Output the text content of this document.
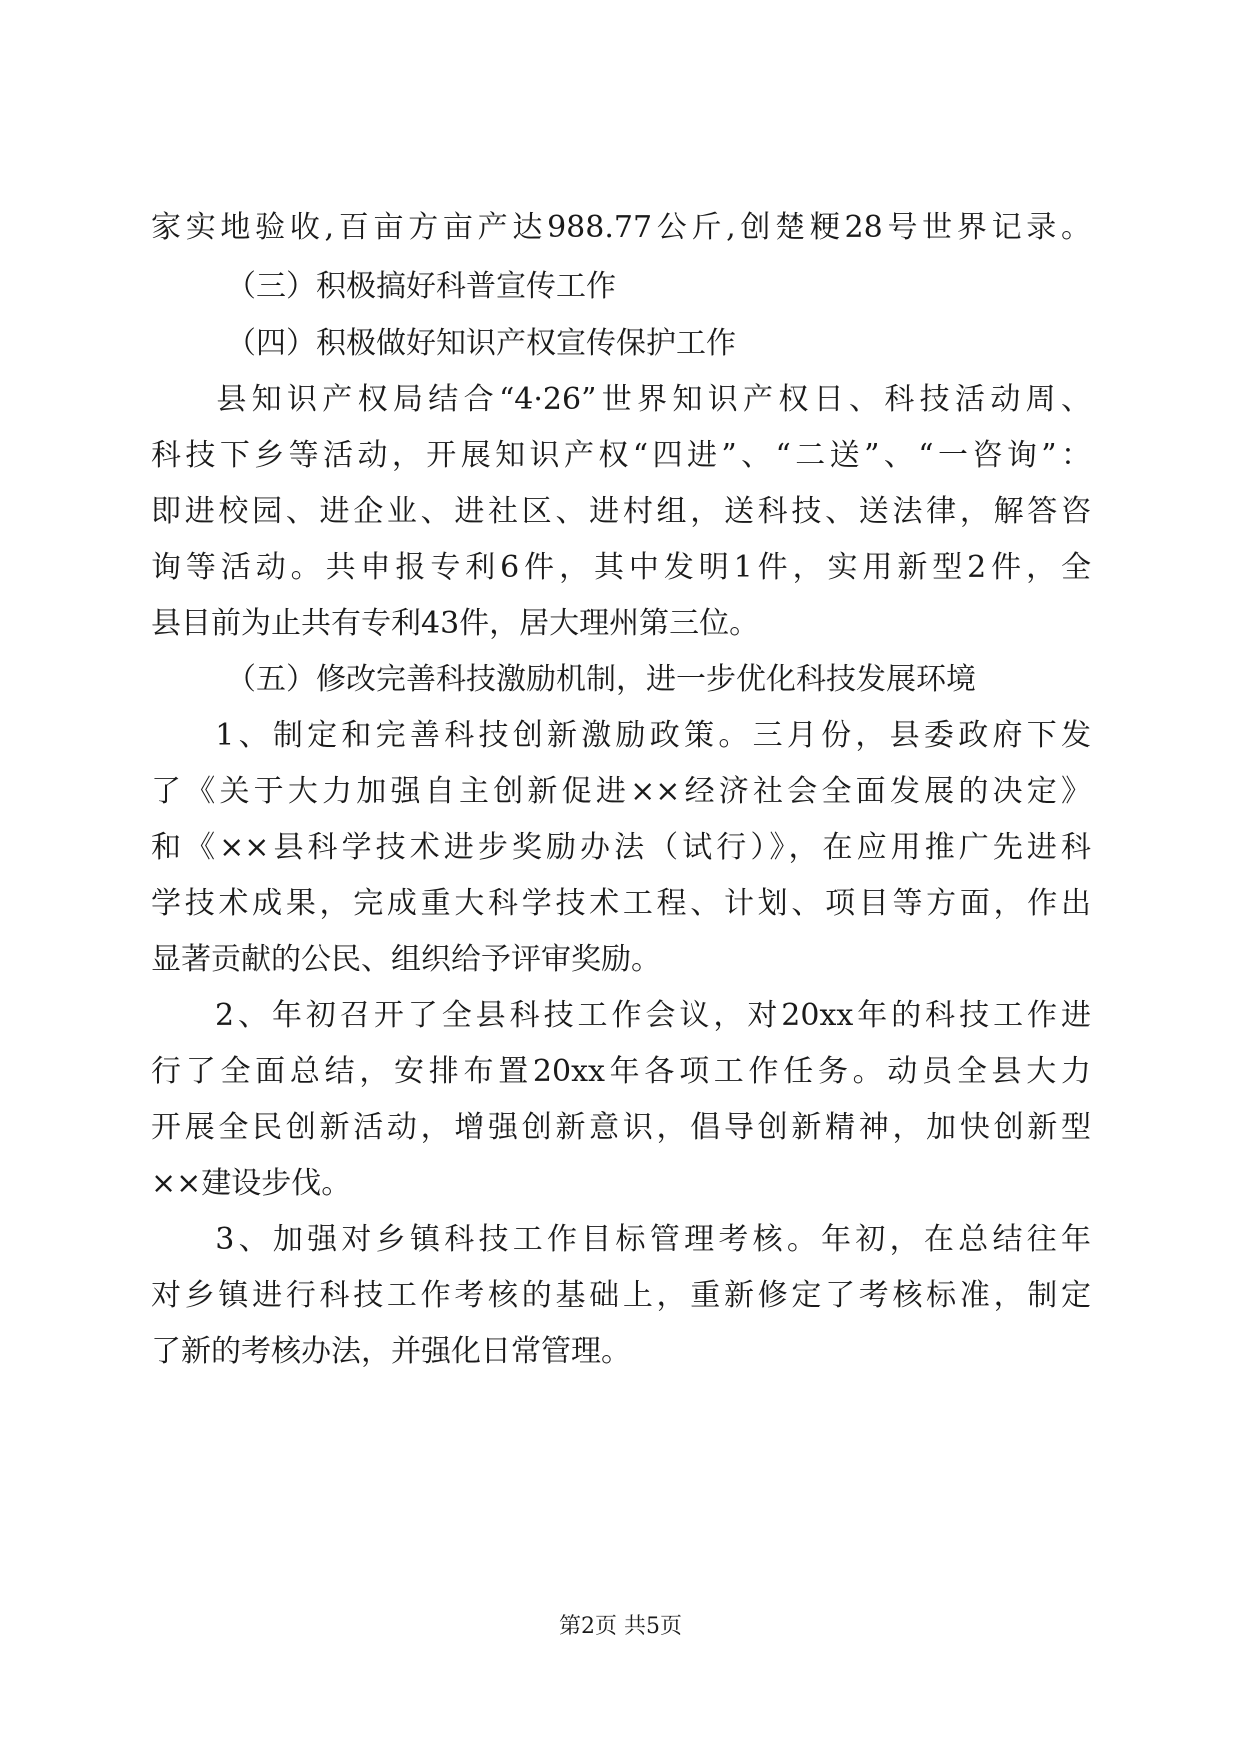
家实地验收,百亩方亩产达988.77公斤,创楚粳28号世界记录。
　（三）积极搞好科普宣传工作
　（四）积极做好知识产权宣传保护工作
　县知识产权局结合“4·26”世界知识产权日、科技活动周、
科技下乡等活动，开展知识产权“四进”、“二送”、“一咨询”：
即进校园、进企业、进社区、进村组，送科技、送法律，解答咨
询等活动。共申报专利6件，其中发明1件，实用新型2件，全
县目前为止共有专利43件，居大理州第三位。
　（五）修改完善科技激励机制，进一步优化科技发展环境
　1、制定和完善科技创新激励政策。三月份，县委政府下发
了《关于大力加强自主创新促进××经济社会全面发展的决定》
和《××县科学技术进步奖励办法（试行）》，在应用推广先进科
学技术成果，完成重大科学技术工程、计划、项目等方面，作出
显著贡献的公民、组织给予评审奖励。
　2、年初召开了全县科技工作会议，对20xx年的科技工作进
行了全面总结，安排布置20xx年各项工作任务。动员全县大力
开展全民创新活动，增强创新意识，倡导创新精神，加快创新型
××建设步伐。
　3、加强对乡镇科技工作目标管理考核。年初，在总结往年
对乡镇进行科技工作考核的基础上，重新修定了考核标准，制定
了新的考核办法，并强化日常管理。
第2页 共5页
